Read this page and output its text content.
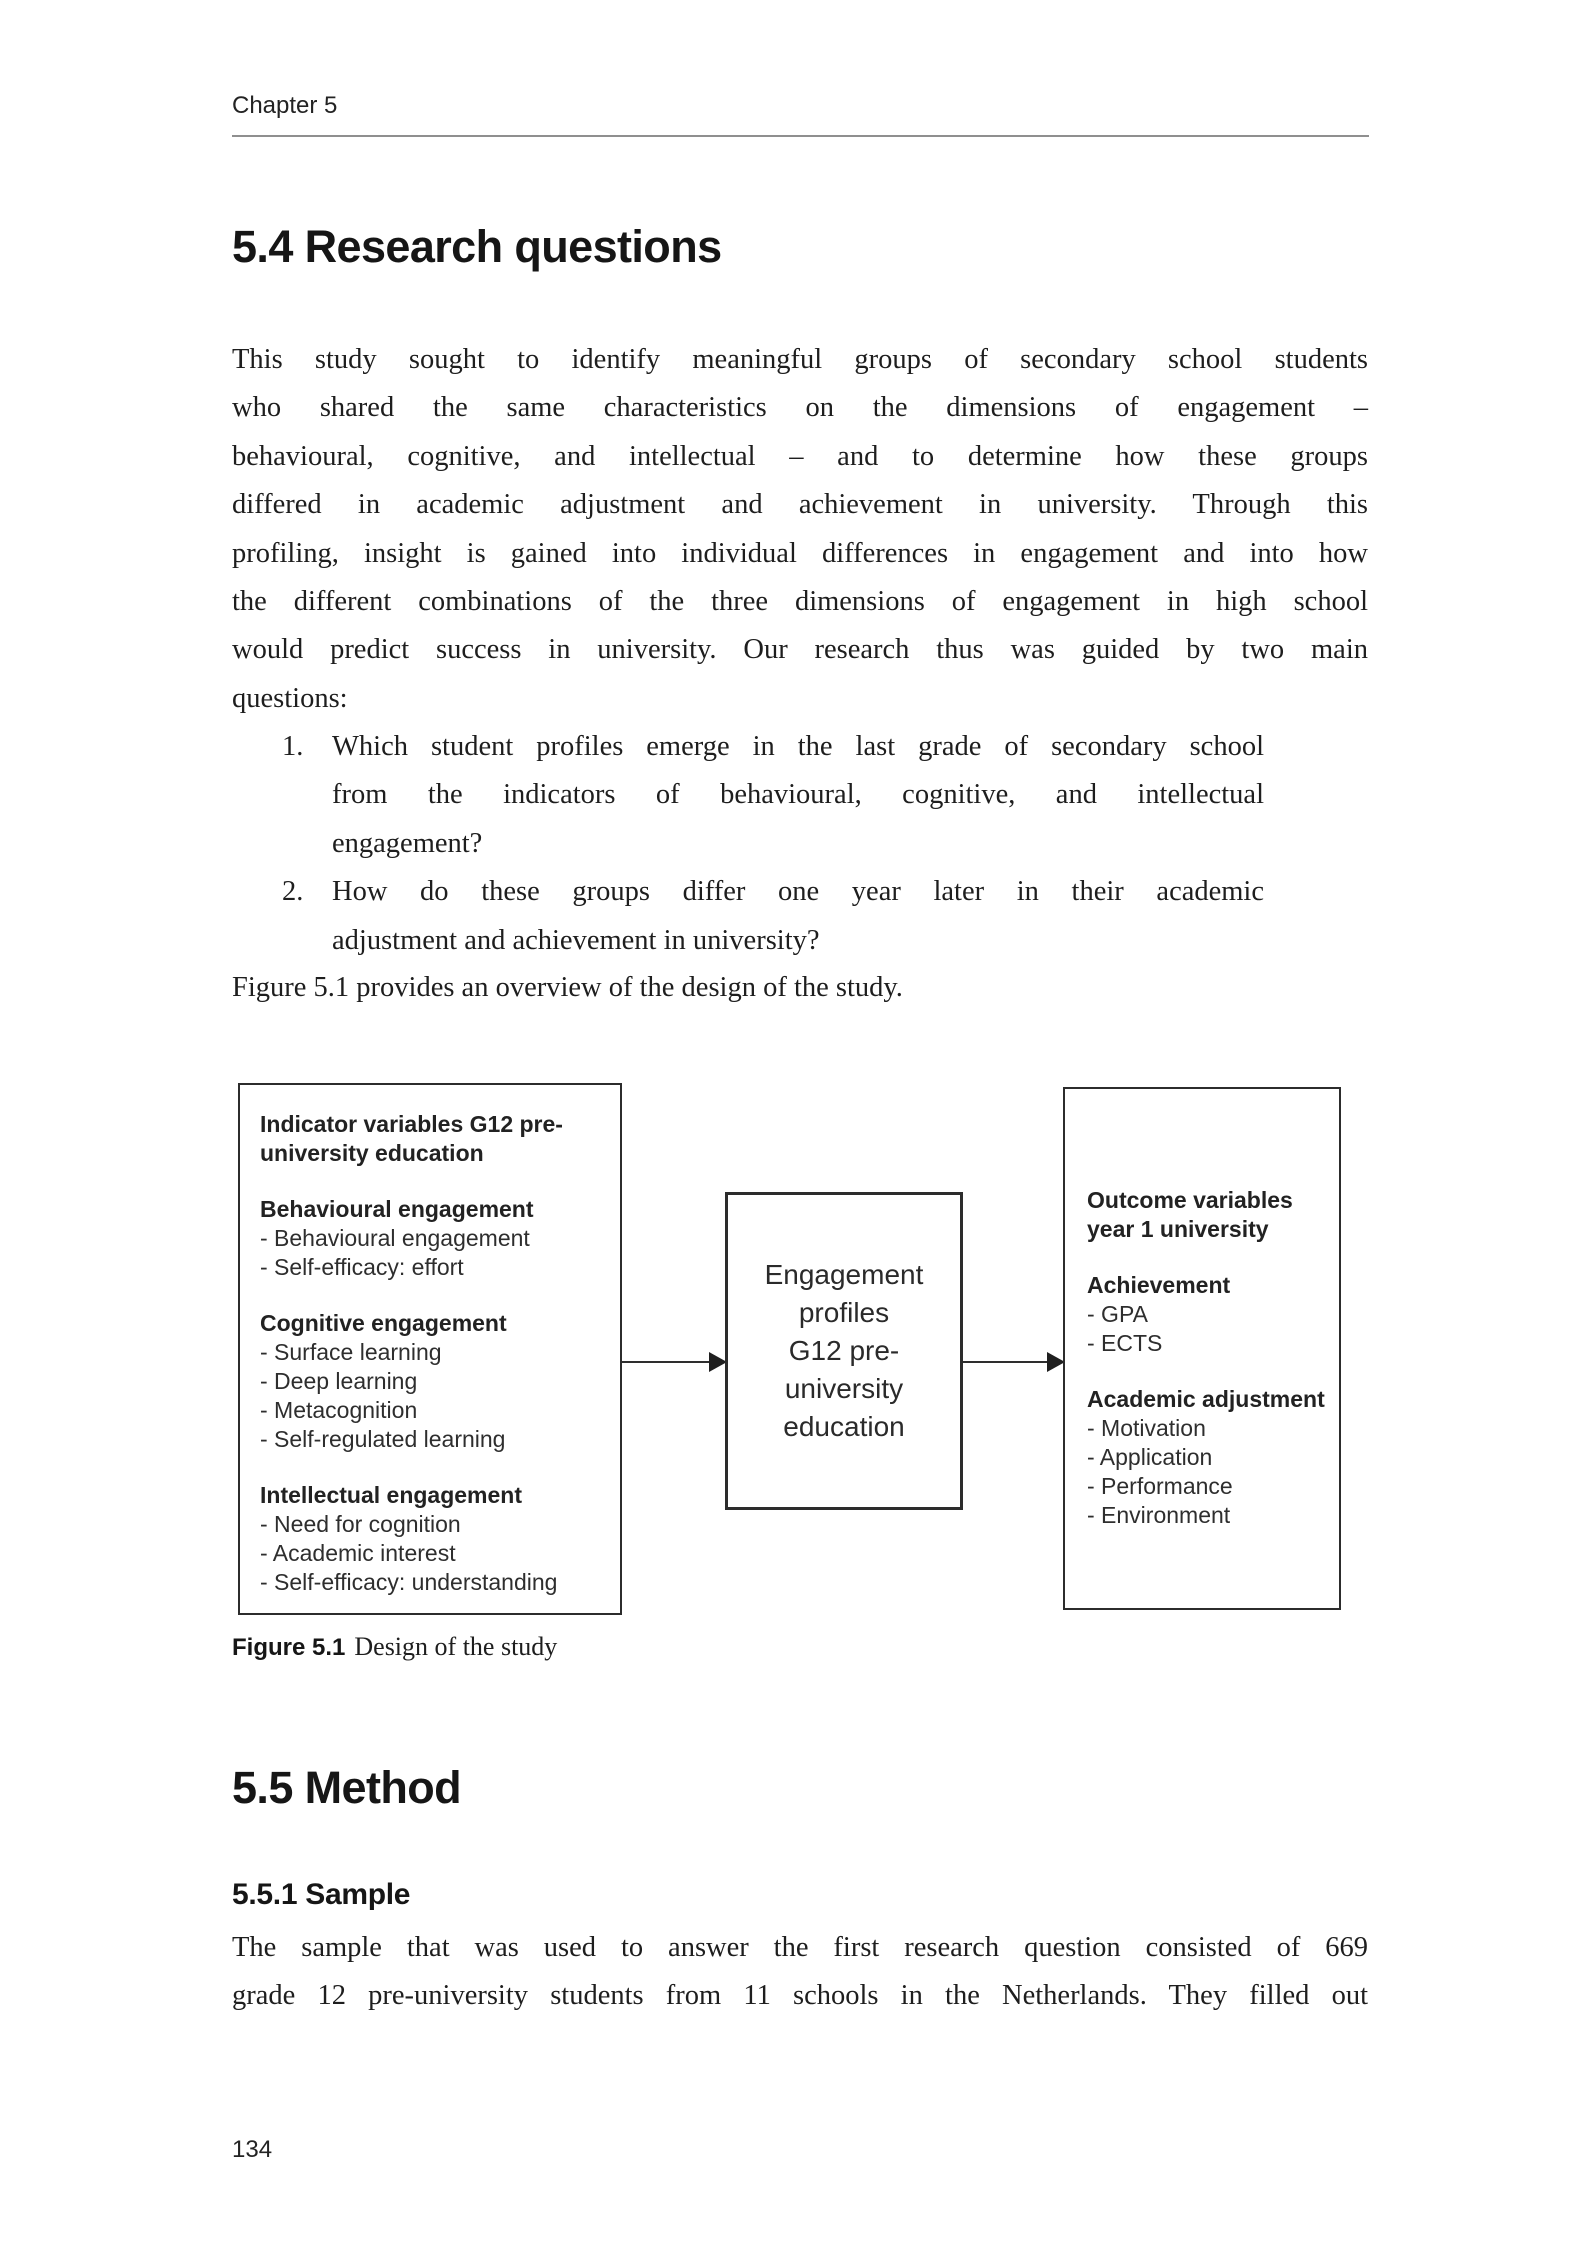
Chapter 5
5.4 Research questions
This study sought to identify meaningful groups of secondary school students
who shared the same characteristics on the dimensions of engagement –
behavioural, cognitive, and intellectual – and to determine how these groups
differed in academic adjustment and achievement in university. Through this
profiling, insight is gained into individual differences in engagement and into how
the different combinations of the three dimensions of engagement in high school
would predict success in university. Our research thus was guided by two main
questions:
1. Which student profiles emerge in the last grade of secondary school
from the indicators of behavioural, cognitive, and intellectual
engagement?
2. How do these groups differ one year later in their academic
adjustment and achievement in university?
Figure 5.1 provides an overview of the design of the study.
Indicator variables G12 pre-
university education
Behavioural engagement
- Behavioural engagement
- Self-efficacy: effort
Cognitive engagement
- Surface learning
- Deep learning
- Metacognition
- Self-regulated learning
Intellectual engagement
- Need for cognition
- Academic interest
- Self-efficacy: understanding
Engagement
profiles
G12 pre-
university
education
Outcome variables
year 1 university
Achievement
- GPA
- ECTS
Academic adjustment
- Motivation
- Application
- Performance
- Environment
Figure 5.1 Design of the study
5.5 Method
5.5.1 Sample
The sample that was used to answer the first research question consisted of 669
grade 12 pre-university students from 11 schools in the Netherlands. They filled out
134
